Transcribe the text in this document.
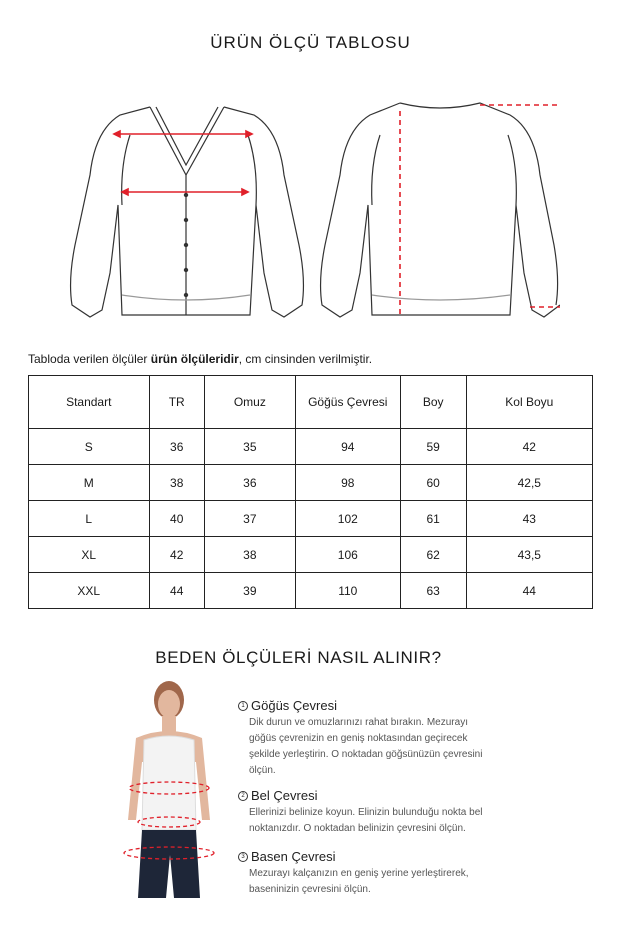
ÜRÜN ÖLÇÜ TABLOSU
Tabloda verilen ölçüler ürün ölçüleridir, cm cinsinden verilmiştir.
Standart	TR	Omuz	Göğüs Çevresi	Boy	Kol Boyu
S	36	35	94	59	42
M	38	36	98	60	42,5
L	40	37	102	61	43
XL	42	38	106	62	43,5
XXL	44	39	110	63	44
BEDEN ÖLÇÜLERİ NASIL ALINIR?
1 Göğüs Çevresi
Dik durun ve omuzlarınızı rahat bırakın. Mezurayı
göğüs çevrenizin en geniş noktasından geçirecek
şekilde yerleştirin. O noktadan göğsünüzün çevresini
ölçün.
2 Bel Çevresi
Ellerinizi belinize koyun. Elinizin bulunduğu nokta bel
noktanızdır. O noktadan belinizin çevresini ölçün.
3 Basen Çevresi
Mezurayı kalçanızın en geniş yerine yerleştirerek,
baseninizin çevresini ölçün.
